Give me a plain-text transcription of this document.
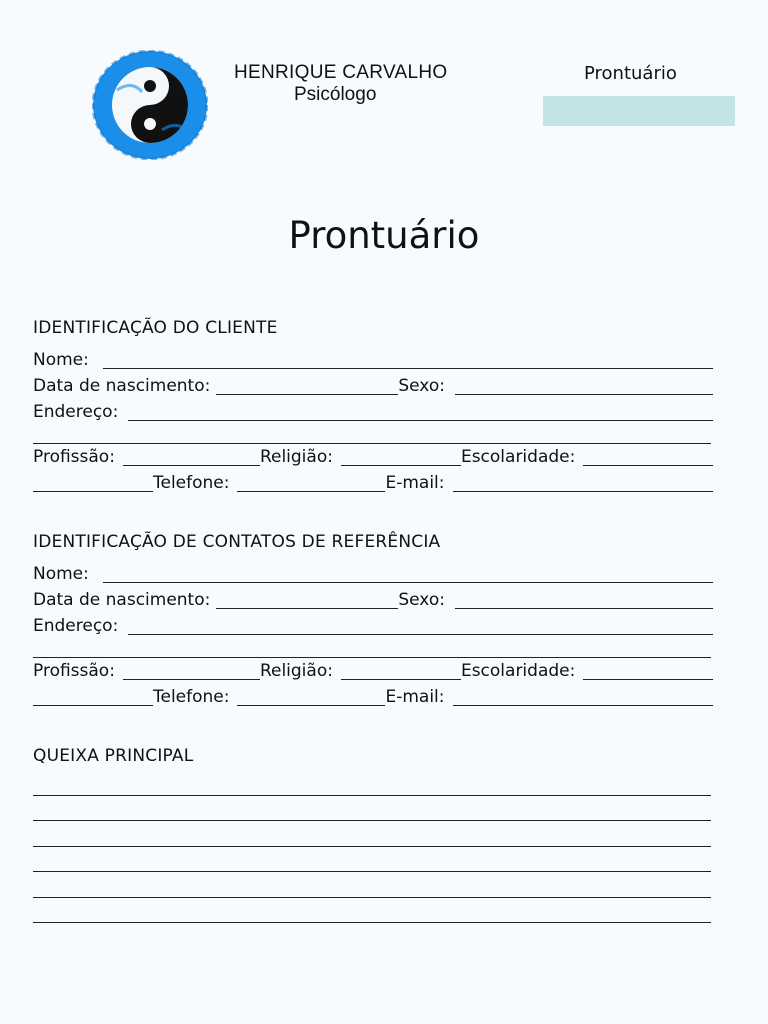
HENRIQUE CARVALHO
Psicólogo
Prontuário
Prontuário
IDENTIFICAÇÃO DO CLIENTE
Nome:
Data de nascimento:	Sexo:
Endereço:
Profissão:	Religião:	Escolaridade:
Telefone:	E-mail:
IDENTIFICAÇÃO DE CONTATOS DE REFERÊNCIA
Nome:
Data de nascimento:	Sexo:
Endereço:
Profissão:	Religião:	Escolaridade:
Telefone:	E-mail:
QUEIXA PRINCIPAL
